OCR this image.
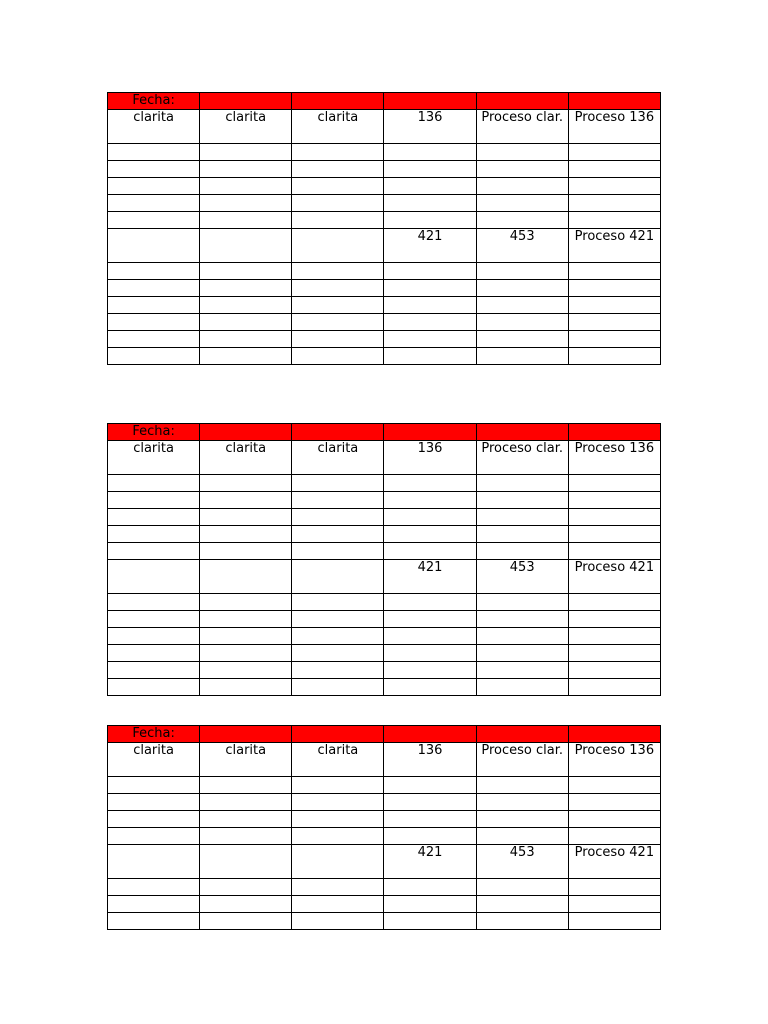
Fecha:					
clarita	clarita	clarita	136	Proceso clar.	Proceso 136

			421	453	Proceso 421

Fecha:					
clarita	clarita	clarita	136	Proceso clar.	Proceso 136

			421	453	Proceso 421

Fecha:					
clarita	clarita	clarita	136	Proceso clar.	Proceso 136

			421	453	Proceso 421
